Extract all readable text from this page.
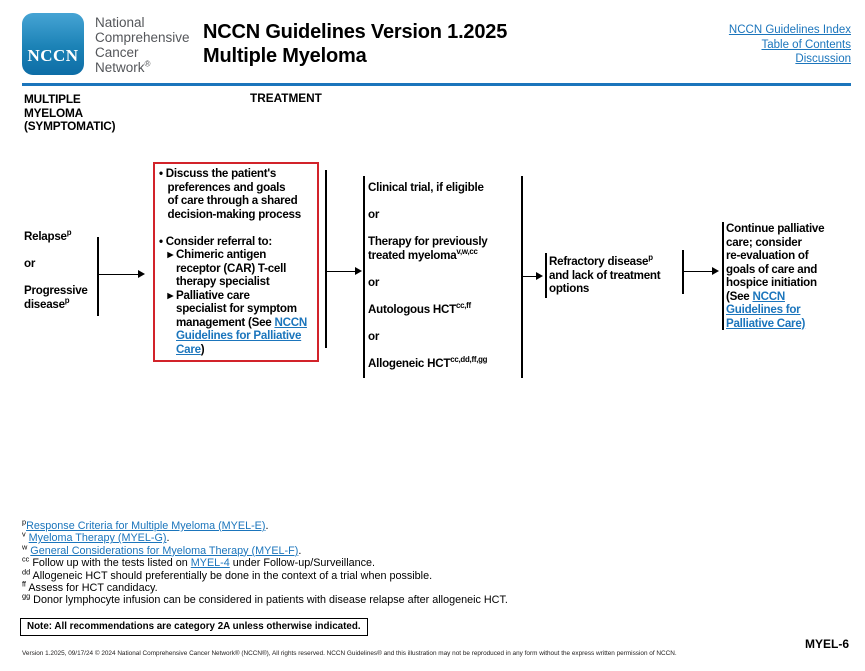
NCCN
National
Comprehensive
Cancer
Network®
NCCN Guidelines Version 1.2025
Multiple Myeloma
NCCN Guidelines Index
Table of Contents
Discussion
MULTIPLE
MYELOMA
(SYMPTOMATIC)
TREATMENT
Relapse$^p$

or

Progressive
disease$^p$
• Discuss the patient's
preferences and goals
of care through a shared
decision-making process

• Consider referral to:
▸ Chimeric antigen
receptor (CAR) T-cell
therapy specialist
▸ Palliative care
specialist for symptom
management (See NCCN
Guidelines for Palliative
Care)
Clinical trial, if eligible

or

Therapy for previously
treated myeloma$^{v,w,cc}$

or

Autologous $HCT^{cc,ff}$

or

Allogeneic $HCT^{cc,dd,ff,gg}$
Refractory disease$^p$
and lack of treatment
options
Continue palliative
care; consider
re-evaluation of
goals of care and
hospice initiation
(See NCCN
Guidelines for
Palliative Care)
$^p$Response Criteria for Multiple Myeloma (MYEL-E).
$^v$ Myeloma Therapy (MYEL-G).
$^w$ General Considerations for Myeloma Therapy (MYEL-F).
$^{cc}$ Follow up with the tests listed on MYEL-4 under Follow-up/Surveillance.
$^{dd}$ Allogeneic HCT should preferentially be done in the context of a trial when possible.
$^{ff}$ Assess for HCT candidacy.
$^{gg}$ Donor lymphocyte infusion can be considered in patients with disease relapse after allogeneic HCT.
Note: All recommendations are category 2A unless otherwise indicated.
Version 1.2025, 09/17/24 © 2024 National Comprehensive Cancer Network® (NCCN®), All rights reserved. NCCN Guidelines® and this illustration may not be reproduced in any form without the express written permission of NCCN.
MYEL-6
